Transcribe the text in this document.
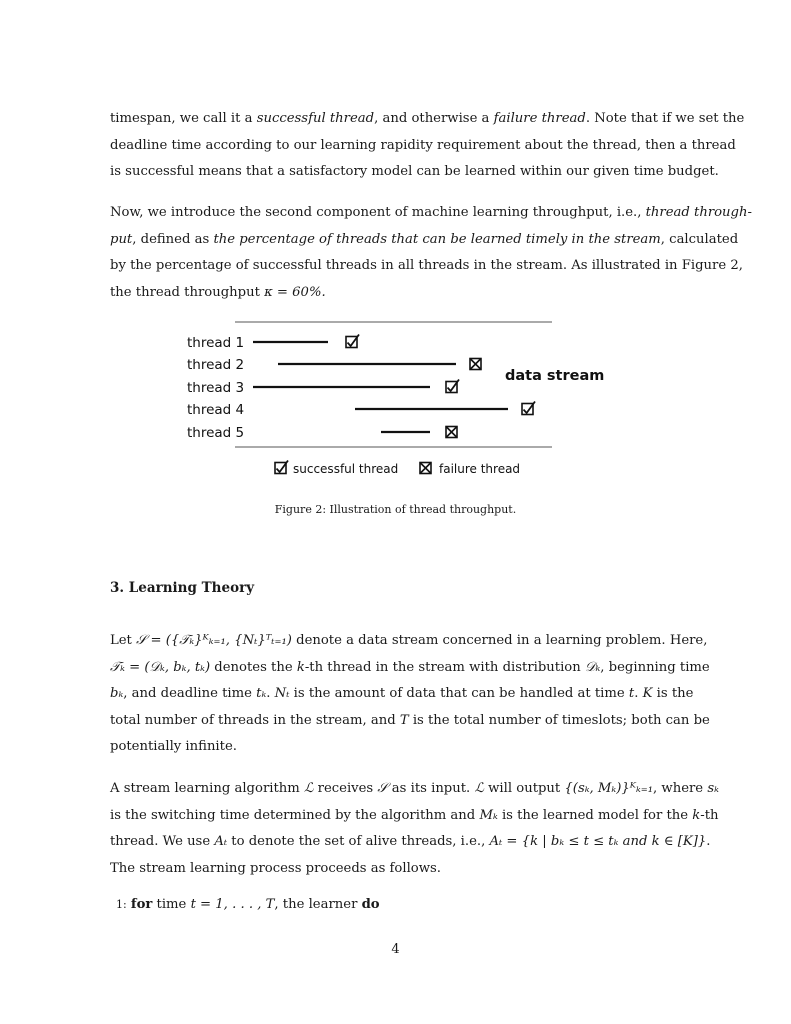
timespan, we call it a successful thread, and otherwise a failure thread. Note that if we set the
deadline time according to our learning rapidity requirement about the thread, then a thread
is successful means that a satisfactory model can be learned within our given time budget.
Now, we introduce the second component of machine learning throughput, i.e., thread through-
put, defined as the percentage of threads that can be learned timely in the stream, calculated
by the percentage of successful threads in all threads in the stream. As illustrated in Figure 2,
the thread throughput κ = 60%.
thread 1
thread 2
thread 3
thread 4
thread 5
data stream
successful thread	failure thread
Figure 2: Illustration of thread throughput.
3. Learning Theory
Let 𝒮 = ({𝒯ₖ}ᴷₖ₌₁, {Nₜ}ᵀₜ₌₁) denote a data stream concerned in a learning problem. Here,
𝒯ₖ = (𝒟ₖ, bₖ, tₖ) denotes the k-th thread in the stream with distribution 𝒟ₖ, beginning time
bₖ, and deadline time tₖ. Nₜ is the amount of data that can be handled at time t. K is the
total number of threads in the stream, and T is the total number of timeslots; both can be
potentially infinite.
A stream learning algorithm ℒ receives 𝒮 as its input. ℒ will output {(sₖ, Mₖ)}ᴷₖ₌₁, where sₖ
is the switching time determined by the algorithm and Mₖ is the learned model for the k-th
thread. We use Aₜ to denote the set of alive threads, i.e., Aₜ = {k | bₖ ≤ t ≤ tₖ and k ∈ [K]}.
The stream learning process proceeds as follows.
1: for time t = 1, . . . , T, the learner do
4
